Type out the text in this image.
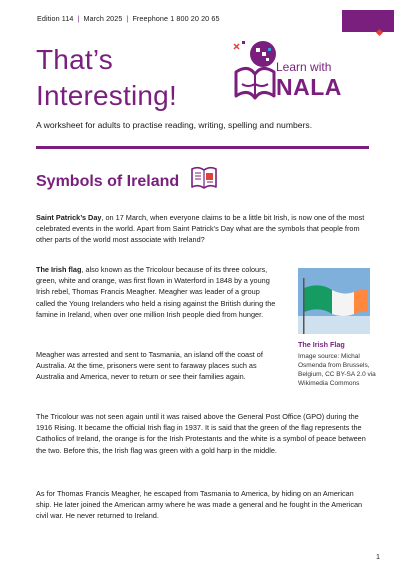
Edition 114 | March 2025 | Freephone 1 800 20 20 65
That’s
Interesting!
Learn with
NALA
A worksheet for adults to practise reading, writing, spelling and numbers.
Symbols of Ireland

Saint Patrick’s Day, on 17 March, when everyone claims to be a little bit Irish, is now one of the most celebrated events in the world. Apart from Saint Patrick’s Day what are the symbols that people from other parts of the world most associate with Ireland?

The Irish flag, also known as the Tricolour because of its three colours, green, white and orange, was first flown in Waterford in 1848 by a young Irish rebel, Thomas Francis Meagher. Meagher was leader of a group called the Young Irelanders who held a rising against the British during the famine in Ireland, when over one million Irish people died from hunger.

The Irish Flag
Image source: Michal Osmenda from Brussels, Belgium, CC BY-SA 2.0 via Wikimedia Commons

Meagher was arrested and sent to Tasmania, an island off the coast of Australia. At the time, prisoners were sent to faraway places such as Australia and America, never to return or see their families again.

The Tricolour was not seen again until it was raised above the General Post Office (GPO) during the 1916 Rising. It became the official Irish flag in 1937. It is said that the green of the flag represents the Catholics of Ireland, the orange is for the Irish Protestants and the white is a symbol of peace between the two. Before this, the Irish flag was green with a gold harp in the middle.

As for Thomas Francis Meagher, he escaped from Tasmania to America, by hiding on an American ship. He later joined the American army where he was made a general and he fought in the American civil war. He never returned to Ireland.

1
